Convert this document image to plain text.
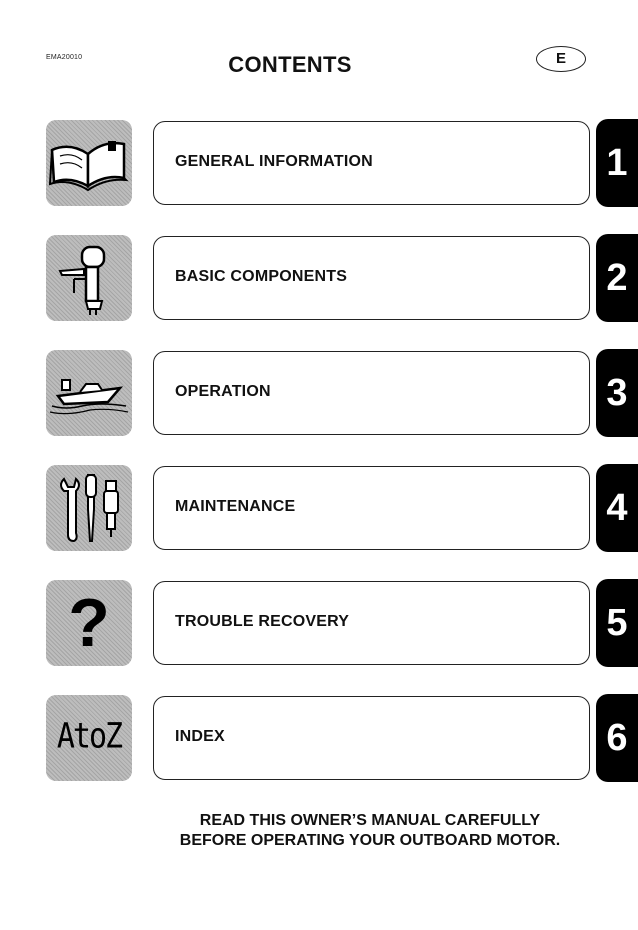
EMA20010	CONTENTS	E
GENERAL INFORMATION	1
BASIC COMPONENTS	2
OPERATION	3
MAINTENANCE	4
?	TROUBLE RECOVERY	5
AtoZ	INDEX	6
READ THIS OWNER’S MANUAL CAREFULLY
BEFORE OPERATING YOUR OUTBOARD MOTOR.
